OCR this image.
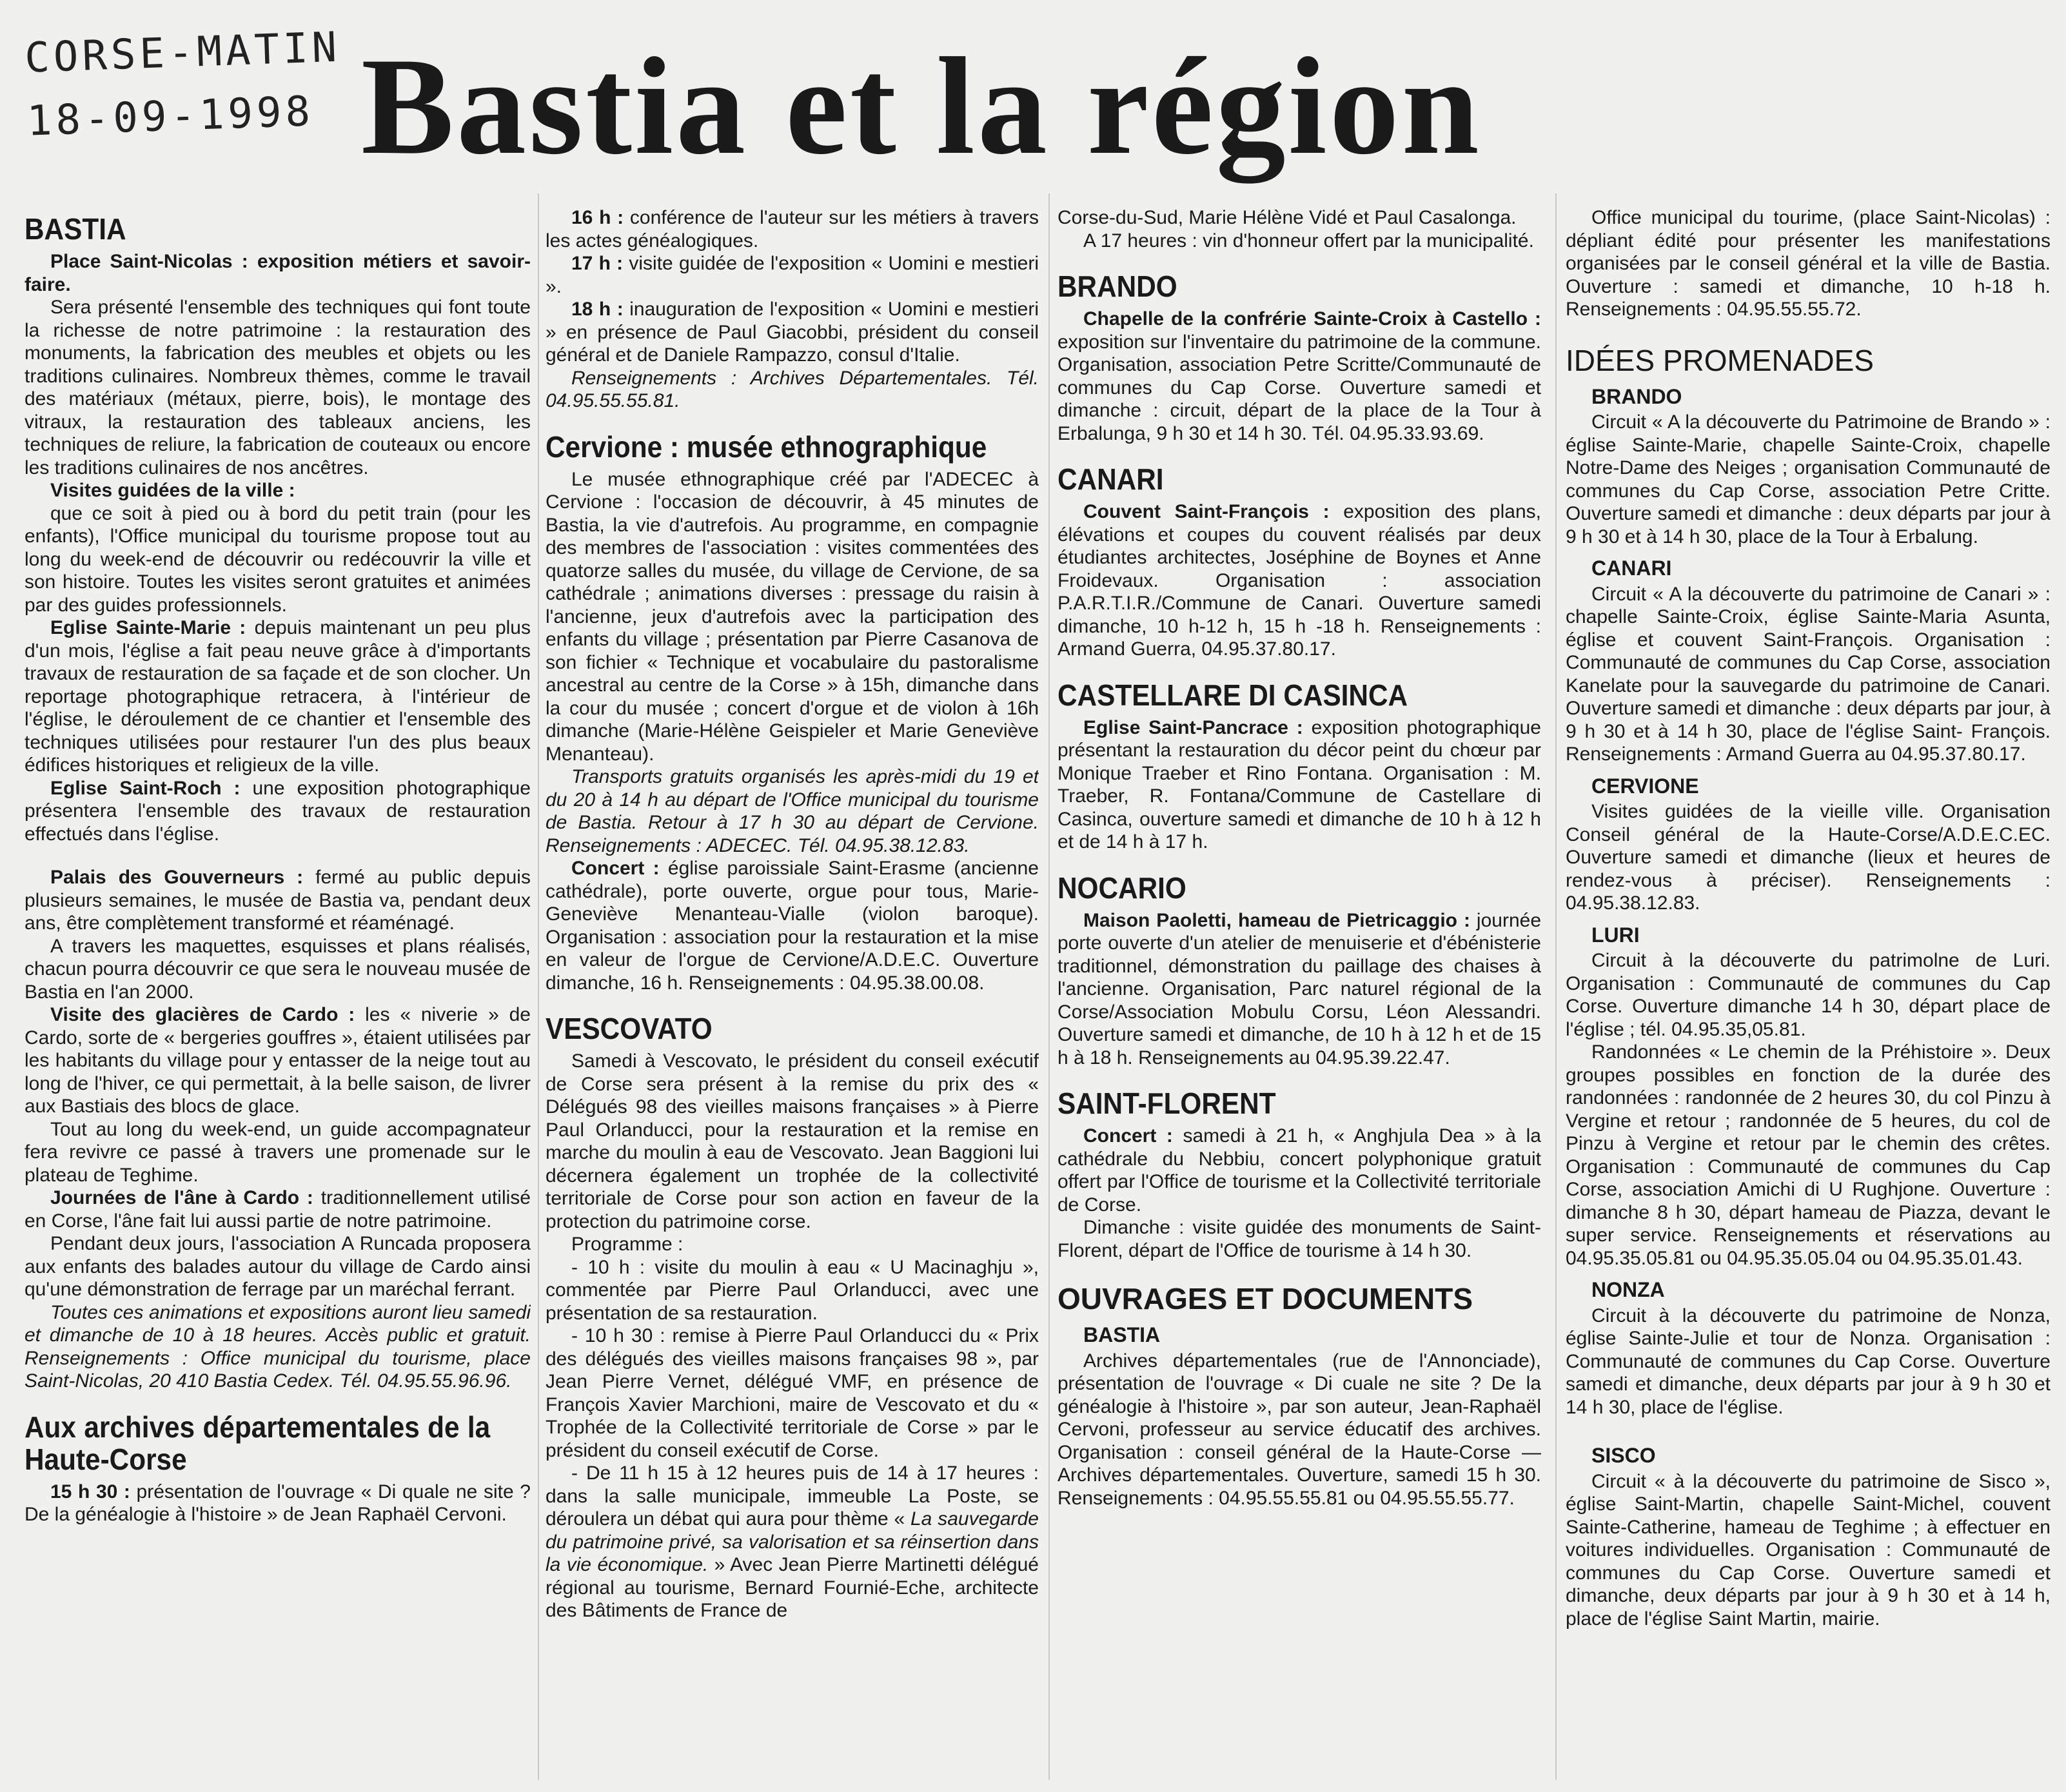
CORSE-MATIN
18-09-1998 Bastia et la région
BASTIA

Place Saint-Nicolas : exposition métiers et savoir-faire.

Sera présenté l'ensemble des techniques qui font toute la richesse de notre patrimoine : la restauration des monuments, la fabrication des meubles et objets ou les traditions culinaires. Nombreux thèmes, comme le travail des matériaux (métaux, pierre, bois), le montage des vitraux, la restauration des tableaux anciens, les techniques de reliure, la fabrication de couteaux ou encore les traditions culinaires de nos ancêtres.

Visites guidées de la ville :

que ce soit à pied ou à bord du petit train (pour les enfants), l'Office municipal du tourisme propose tout au long du week-end de découvrir ou redécouvrir la ville et son histoire. Toutes les visites seront gratuites et animées par des guides professionnels.

Eglise Sainte-Marie : depuis maintenant un peu plus d'un mois, l'église a fait peau neuve grâce à d'importants travaux de restauration de sa façade et de son clocher. Un reportage photographique retracera, à l'intérieur de l'église, le déroulement de ce chantier et l'ensemble des techniques utilisées pour restaurer l'un des plus beaux édifices historiques et religieux de la ville.

Eglise Saint-Roch : une exposition photographique présentera l'ensemble des travaux de restauration effectués dans l'église.

Palais des Gouverneurs : fermé au public depuis plusieurs semaines, le musée de Bastia va, pendant deux ans, être complètement transformé et réaménagé.

A travers les maquettes, esquisses et plans réalisés, chacun pourra découvrir ce que sera le nouveau musée de Bastia en l'an 2000.

Visite des glacières de Cardo : les « niverie » de Cardo, sorte de « bergeries gouffres », étaient utilisées par les habitants du village pour y entasser de la neige tout au long de l'hiver, ce qui permettait, à la belle saison, de livrer aux Bastiais des blocs de glace.

Tout au long du week-end, un guide accompagnateur fera revivre ce passé à travers une promenade sur le plateau de Teghime.

Journées de l'âne à Cardo : traditionnellement utilisé en Corse, l'âne fait lui aussi partie de notre patrimoine.

Pendant deux jours, l'association A Runcada proposera aux enfants des balades autour du village de Cardo ainsi qu'une démonstration de ferrage par un maréchal ferrant.

Toutes ces animations et expositions auront lieu samedi et dimanche de 10 à 18 heures. Accès public et gratuit. Renseignements : Office municipal du tourisme, place Saint-Nicolas, 20 410 Bastia Cedex. Tél. 04.95.55.96.96.

Aux archives départementales de la Haute-Corse

15 h 30 : présentation de l'ouvrage « Di quale ne site ? De la généalogie à l'histoire » de Jean Raphaël Cervoni.

16 h : conférence de l'auteur sur les métiers à travers les actes généalogiques.

17 h : visite guidée de l'exposition « Uomini e mestieri ».

18 h : inauguration de l'exposition « Uomini e mestieri » en présence de Paul Giacobbi, président du conseil général et de Daniele Rampazzo, consul d'Italie.

Renseignements : Archives Départementales. Tél. 04.95.55.55.81.

Cervione : musée ethnographique

Le musée ethnographique créé par l'ADECEC à Cervione : l'occasion de découvrir, à 45 minutes de Bastia, la vie d'autrefois. Au programme, en compagnie des membres de l'association : visites commentées des quatorze salles du musée, du village de Cervione, de sa cathédrale ; animations diverses : pressage du raisin à l'ancienne, jeux d'autrefois avec la participation des enfants du village ; présentation par Pierre Casanova de son fichier « Technique et vocabulaire du pastoralisme ancestral au centre de la Corse » à 15h, dimanche dans la cour du musée ; concert d'orgue et de violon à 16h dimanche (Marie-Hélène Geispieler et Marie Geneviève Menanteau).

Transports gratuits organisés les après-midi du 19 et du 20 à 14 h au départ de l'Office municipal du tourisme de Bastia. Retour à 17 h 30 au départ de Cervione. Renseignements : ADECEC. Tél. 04.95.38.12.83.

Concert : église paroissiale Saint-Erasme (ancienne cathédrale), porte ouverte, orgue pour tous, Marie-Geneviève Menanteau-Vialle (violon baroque). Organisation : association pour la restauration et la mise en valeur de l'orgue de Cervione/A.D.E.C. Ouverture dimanche, 16 h. Renseignements : 04.95.38.00.08.

VESCOVATO

Samedi à Vescovato, le président du conseil exécutif de Corse sera présent à la remise du prix des « Délégués 98 des vieilles maisons françaises » à Pierre Paul Orlanducci, pour la restauration et la remise en marche du moulin à eau de Vescovato. Jean Baggioni lui décernera également un trophée de la collectivité territoriale de Corse pour son action en faveur de la protection du patrimoine corse.

Programme :

- 10 h : visite du moulin à eau « U Macinaghju », commentée par Pierre Paul Orlanducci, avec une présentation de sa restauration.

- 10 h 30 : remise à Pierre Paul Orlanducci du « Prix des délégués des vieilles maisons françaises 98 », par Jean Pierre Vernet, délégué VMF, en présence de François Xavier Marchioni, maire de Vescovato et du « Trophée de la Collectivité territoriale de Corse » par le président du conseil exécutif de Corse.

- De 11 h 15 à 12 heures puis de 14 à 17 heures : dans la salle municipale, immeuble La Poste, se déroulera un débat qui aura pour thème « La sauvegarde du patrimoine privé, sa valorisation et sa réinsertion dans la vie économique. » Avec Jean Pierre Martinetti délégué régional au tourisme, Bernard Fournié-Eche, architecte des Bâtiments de France de

Corse-du-Sud, Marie Hélène Vidé et Paul Casalonga.

A 17 heures : vin d'honneur offert par la municipalité.

BRANDO

Chapelle de la confrérie Sainte-Croix à Castello : exposition sur l'inventaire du patrimoine de la commune. Organisation, association Petre Scritte/Communauté de communes du Cap Corse. Ouverture samedi et dimanche : circuit, départ de la place de la Tour à Erbalunga, 9 h 30 et 14 h 30. Tél. 04.95.33.93.69.

CANARI

Couvent Saint-François : exposition des plans, élévations et coupes du couvent réalisés par deux étudiantes architectes, Joséphine de Boynes et Anne Froidevaux. Organisation : association P.A.R.T.I.R./Commune de Canari. Ouverture samedi dimanche, 10 h-12 h, 15 h -18 h. Renseignements : Armand Guerra, 04.95.37.80.17.

CASTELLARE DI CASINCA

Eglise Saint-Pancrace : exposition photographique présentant la restauration du décor peint du chœur par Monique Traeber et Rino Fontana. Organisation : M. Traeber, R. Fontana/Commune de Castellare di Casinca, ouverture samedi et dimanche de 10 h à 12 h et de 14 h à 17 h.

NOCARIO

Maison Paoletti, hameau de Pietricaggio : journée porte ouverte d'un atelier de menuiserie et d'ébénisterie traditionnel, démonstration du paillage des chaises à l'ancienne. Organisation, Parc naturel régional de la Corse/Association Mobulu Corsu, Léon Alessandri. Ouverture samedi et dimanche, de 10 h à 12 h et de 15 h à 18 h. Renseignements au 04.95.39.22.47.

SAINT-FLORENT

Concert : samedi à 21 h, « Anghjula Dea » à la cathédrale du Nebbiu, concert polyphonique gratuit offert par l'Office de tourisme et la Collectivité territoriale de Corse.

Dimanche : visite guidée des monuments de Saint-Florent, départ de l'Office de tourisme à 14 h 30.

OUVRAGES ET DOCUMENTS
BASTIA

Archives départementales (rue de l'Annonciade), présentation de l'ouvrage « Di cuale ne site ? De la généalogie à l'histoire », par son auteur, Jean-Raphaël Cervoni, professeur au service éducatif des archives. Organisation : conseil général de la Haute-Corse — Archives départementales. Ouverture, samedi 15 h 30. Renseignements : 04.95.55.55.81 ou 04.95.55.55.77.

Office municipal du tourime, (place Saint-Nicolas) : dépliant édité pour présenter les manifestations organisées par le conseil général et la ville de Bastia. Ouverture : samedi et dimanche, 10 h-18 h. Renseignements : 04.95.55.55.72.

IDÉES PROMENADES
BRANDO

Circuit « A la découverte du Patrimoine de Brando » : église Sainte-Marie, chapelle Sainte-Croix, chapelle Notre-Dame des Neiges ; organisation Communauté de communes du Cap Corse, association Petre Critte. Ouverture samedi et dimanche : deux départs par jour à 9 h 30 et à 14 h 30, place de la Tour à Erbalung.

CANARI

Circuit « A la découverte du patrimoine de Canari » : chapelle Sainte-Croix, église Sainte-Maria Asunta, église et couvent Saint-François. Organisation : Communauté de communes du Cap Corse, association Kanelate pour la sauvegarde du patrimoine de Canari. Ouverture samedi et dimanche : deux départs par jour, à 9 h 30 et à 14 h 30, place de l'église Saint- François. Renseignements : Armand Guerra au 04.95.37.80.17.

CERVIONE

Visites guidées de la vieille ville. Organisation Conseil général de la Haute-Corse/A.D.E.C.EC. Ouverture samedi et dimanche (lieux et heures de rendez-vous à préciser). Renseignements : 04.95.38.12.83.

LURI

Circuit à la découverte du patrimolne de Luri. Organisation : Communauté de communes du Cap Corse. Ouverture dimanche 14 h 30, départ place de l'église ; tél. 04.95.35,05.81.

Randonnées « Le chemin de la Préhistoire ». Deux groupes possibles en fonction de la durée des randonnées : randonnée de 2 heures 30, du col Pinzu à Vergine et retour ; randonnée de 5 heures, du col de Pinzu à Vergine et retour par le chemin des crêtes. Organisation : Communauté de communes du Cap Corse, association Amichi di U Rughjone. Ouverture : dimanche 8 h 30, départ hameau de Piazza, devant le super service. Renseignements et réservations au 04.95.35.05.81 ou 04.95.35.05.04 ou 04.95.35.01.43.

NONZA

Circuit à la découverte du patrimoine de Nonza, église Sainte-Julie et tour de Nonza. Organisation : Communauté de communes du Cap Corse. Ouverture samedi et dimanche, deux départs par jour à 9 h 30 et 14 h 30, place de l'église.

SISCO

Circuit « à la découverte du patrimoine de Sisco », église Saint-Martin, chapelle Saint-Michel, couvent Sainte-Catherine, hameau de Teghime ; à effectuer en voitures individuelles. Organisation : Communauté de communes du Cap Corse. Ouverture samedi et dimanche, deux départs par jour à 9 h 30 et à 14 h, place de l'église Saint Martin, mairie.
